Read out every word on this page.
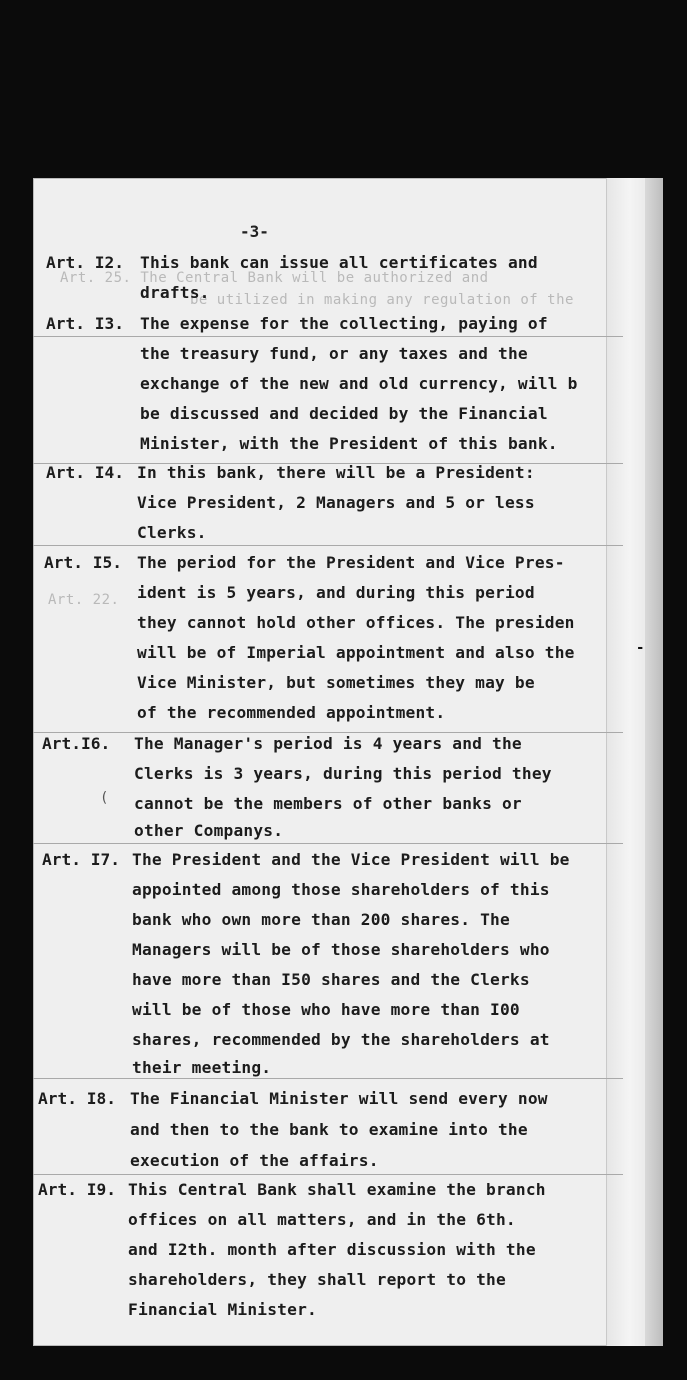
Art. 25. The Central Bank will be authorized and
be utilized in making any regulation of the
Art. 22.
-3-
Art. I2. This bank can issue all certificates and
drafts.
Art. I3. The expense for the collecting, paying of
the treasury fund, or any taxes and the
exchange of the new and old currency, will b
be discussed and decided by the Financial
Minister, with the President of this bank.
Art. I4. In this bank, there will be a President:
Vice President, 2 Managers and 5 or less
Clerks.
Art. I5. The period for the President and Vice Pres-
ident is 5 years, and during this period
they cannot hold other offices. The presiden
will be of Imperial appointment and also the
Vice Minister, but sometimes they may be
of the recommended appointment.
Art.I6. The Manager's period is 4 years and the
Clerks is 3 years, during this period they
cannot be the members of other banks or
other Companys.
Art. I7. The President and the Vice President will be
appointed among those shareholders of this
bank who own more than 200 shares. The
Managers will be of those shareholders who
have more than I50 shares and the Clerks
will be of those who have more than I00
shares, recommended by the shareholders at
their meeting.
Art. I8. The Financial Minister will send every now
and then to the bank to examine into the
execution of the affairs.
Art. I9. This Central Bank shall examine the branch
offices on all matters, and in the 6th.
and I2th. month after discussion with the
shareholders, they shall report to the
Financial Minister.
-
(
